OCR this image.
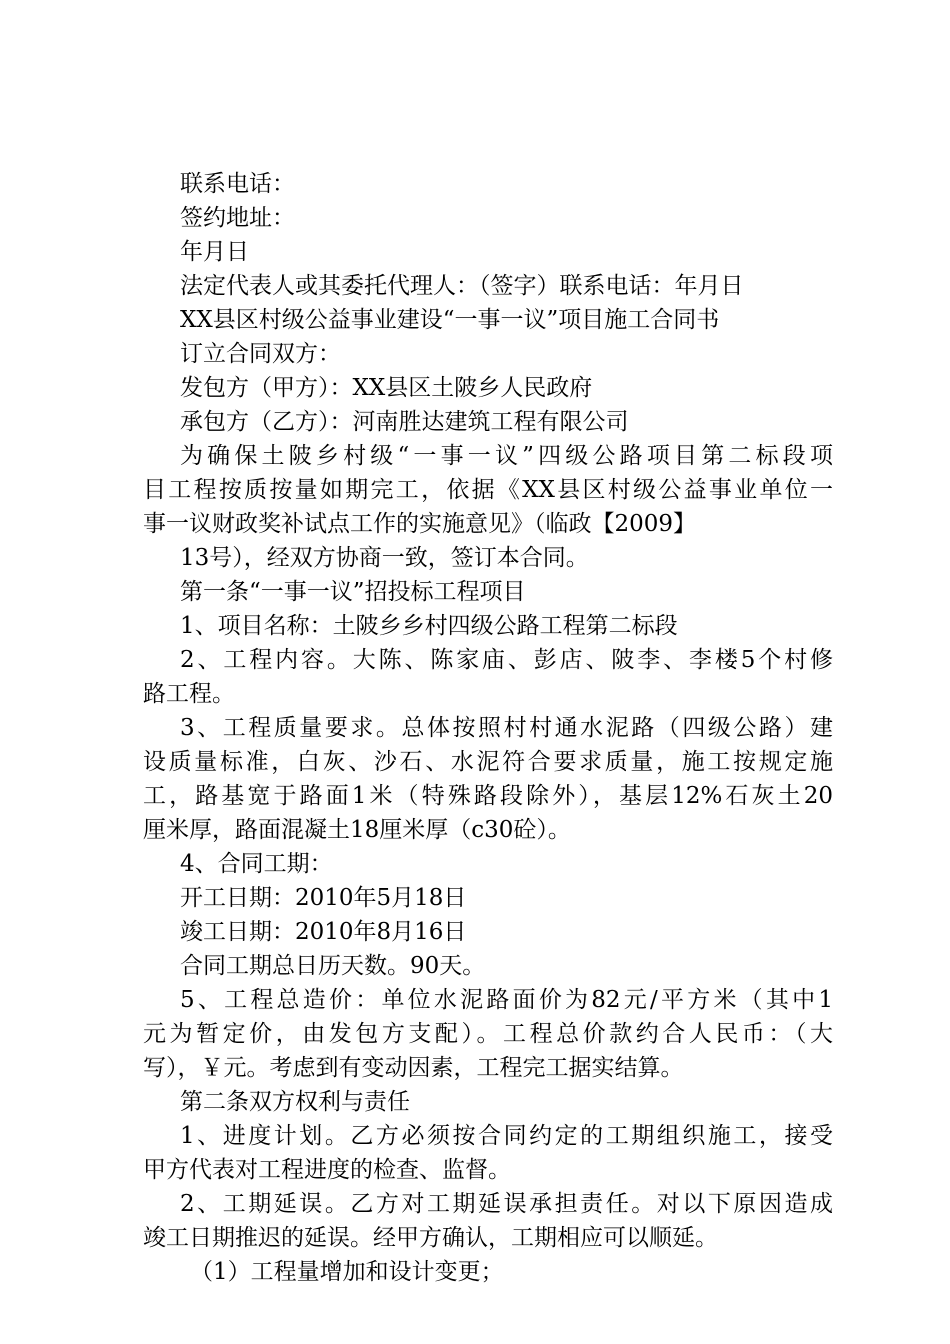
联系电话：
签约地址：
年月日
法定代表人或其委托代理人：（签字）联系电话：年月日
XX县区村级公益事业建设“一事一议”项目施工合同书
订立合同双方：
发包方（甲方）：XX县区土陂乡人民政府
承包方（乙方）：河南胜达建筑工程有限公司
为确保土陂乡村级“一事一议”四级公路项目第二标段项
目工程按质按量如期完工，依据《XX县区村级公益事业单位一
事一议财政奖补试点工作的实施意见》（临政【2009】
13号），经双方协商一致，签订本合同。
第一条“一事一议”招投标工程项目
1、项目名称：土陂乡乡村四级公路工程第二标段
2、工程内容。大陈、陈家庙、彭店、陂李、李楼5个村修
路工程。
3、工程质量要求。总体按照村村通水泥路（四级公路）建
设质量标准，白灰、沙石、水泥符合要求质量，施工按规定施
工，路基宽于路面1米（特殊路段除外），基层12%石灰土20
厘米厚，路面混凝土18厘米厚（c30砼）。
4、合同工期：
开工日期：2010年5月18日
竣工日期：2010年8月16日
合同工期总日历天数。90天。
5、工程总造价：单位水泥路面价为82元/平方米（其中1
元为暂定价，由发包方支配）。工程总价款约合人民币：（大
写），￥元。考虑到有变动因素，工程完工据实结算。
第二条双方权利与责任
1、进度计划。乙方必须按合同约定的工期组织施工，接受
甲方代表对工程进度的检查、监督。
2、工期延误。乙方对工期延误承担责任。对以下原因造成
竣工日期推迟的延误。经甲方确认，工期相应可以顺延。
（1）工程量增加和设计变更；
